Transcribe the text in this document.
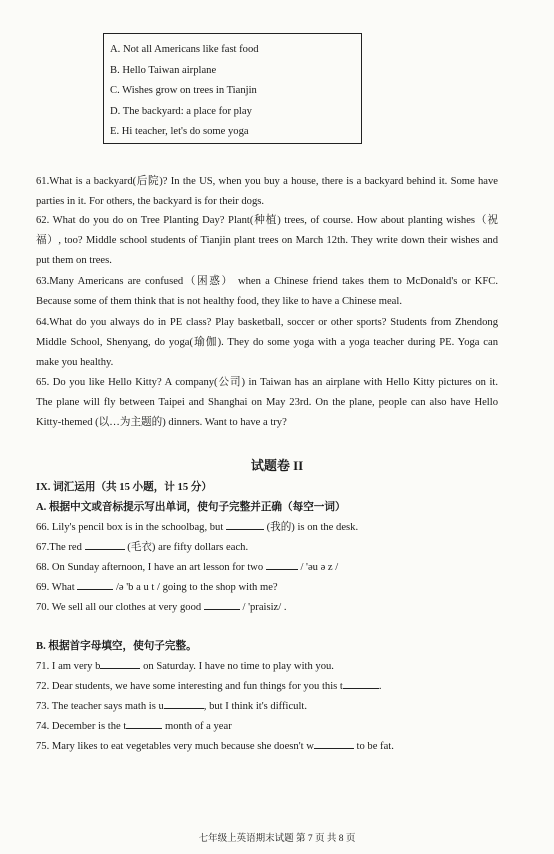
A. Not all Americans like fast food
B. Hello Taiwan airplane
C. Wishes grow on trees in Tianjin
D. The backyard: a place for play
E. Hi teacher, let's do some yoga
61.What is a backyard(后院)? In the US, when you buy a house, there is a backyard behind it. Some have parties in it. For others, the backyard is for their dogs.
62. What do you do on Tree Planting Day? Plant(种植) trees, of course. How about planting wishes（祝福）, too? Middle school students of Tianjin plant trees on March 12th. They write down their wishes and put them on trees.
63.Many Americans are confused（困惑） when a Chinese friend takes them to McDonald's or KFC. Because some of them think that is not healthy food, they like to have a Chinese meal.
64.What do you always do in PE class? Play basketball, soccer or other sports? Students from Zhendong Middle School, Shenyang, do yoga(瑜伽). They do some yoga with a yoga teacher during PE. Yoga can make you healthy.
65. Do you like Hello Kitty? A company(公司) in Taiwan has an airplane with Hello Kitty pictures on it. The plane will fly between Taipei and Shanghai on May 23rd. On the plane, people can also have Hello Kitty-themed (以…为主题的) dinners. Want to have a try?
试题卷 II
IX. 词汇运用（共 15 小题，计 15 分）
A. 根据中文或音标提示写出单词，使句子完整并正确（每空一词）
66. Lily's pencil box is in the schoolbag, but	(我的) is on the desk.
67.The red	(毛衣) are fifty dollars each.
68. On Sunday afternoon, I have an art lesson for two	/ 'əu ə z /
69. What	/ə 'b a u t / going to the shop with me?
70. We sell all our clothes at very good	/ 'praisiz/ .
B. 根据首字母填空，使句子完整。
71. I am very b	on Saturday. I have no time to play with you.
72. Dear students, we have some interesting and fun things for you this t	.
73. The teacher says math is u	, but I think it's difficult.
74. December is the t	month of a year
75. Mary likes to eat vegetables very much because she doesn't w	to be fat.
七年级上英语期末试题 第 7 页 共 8 页
